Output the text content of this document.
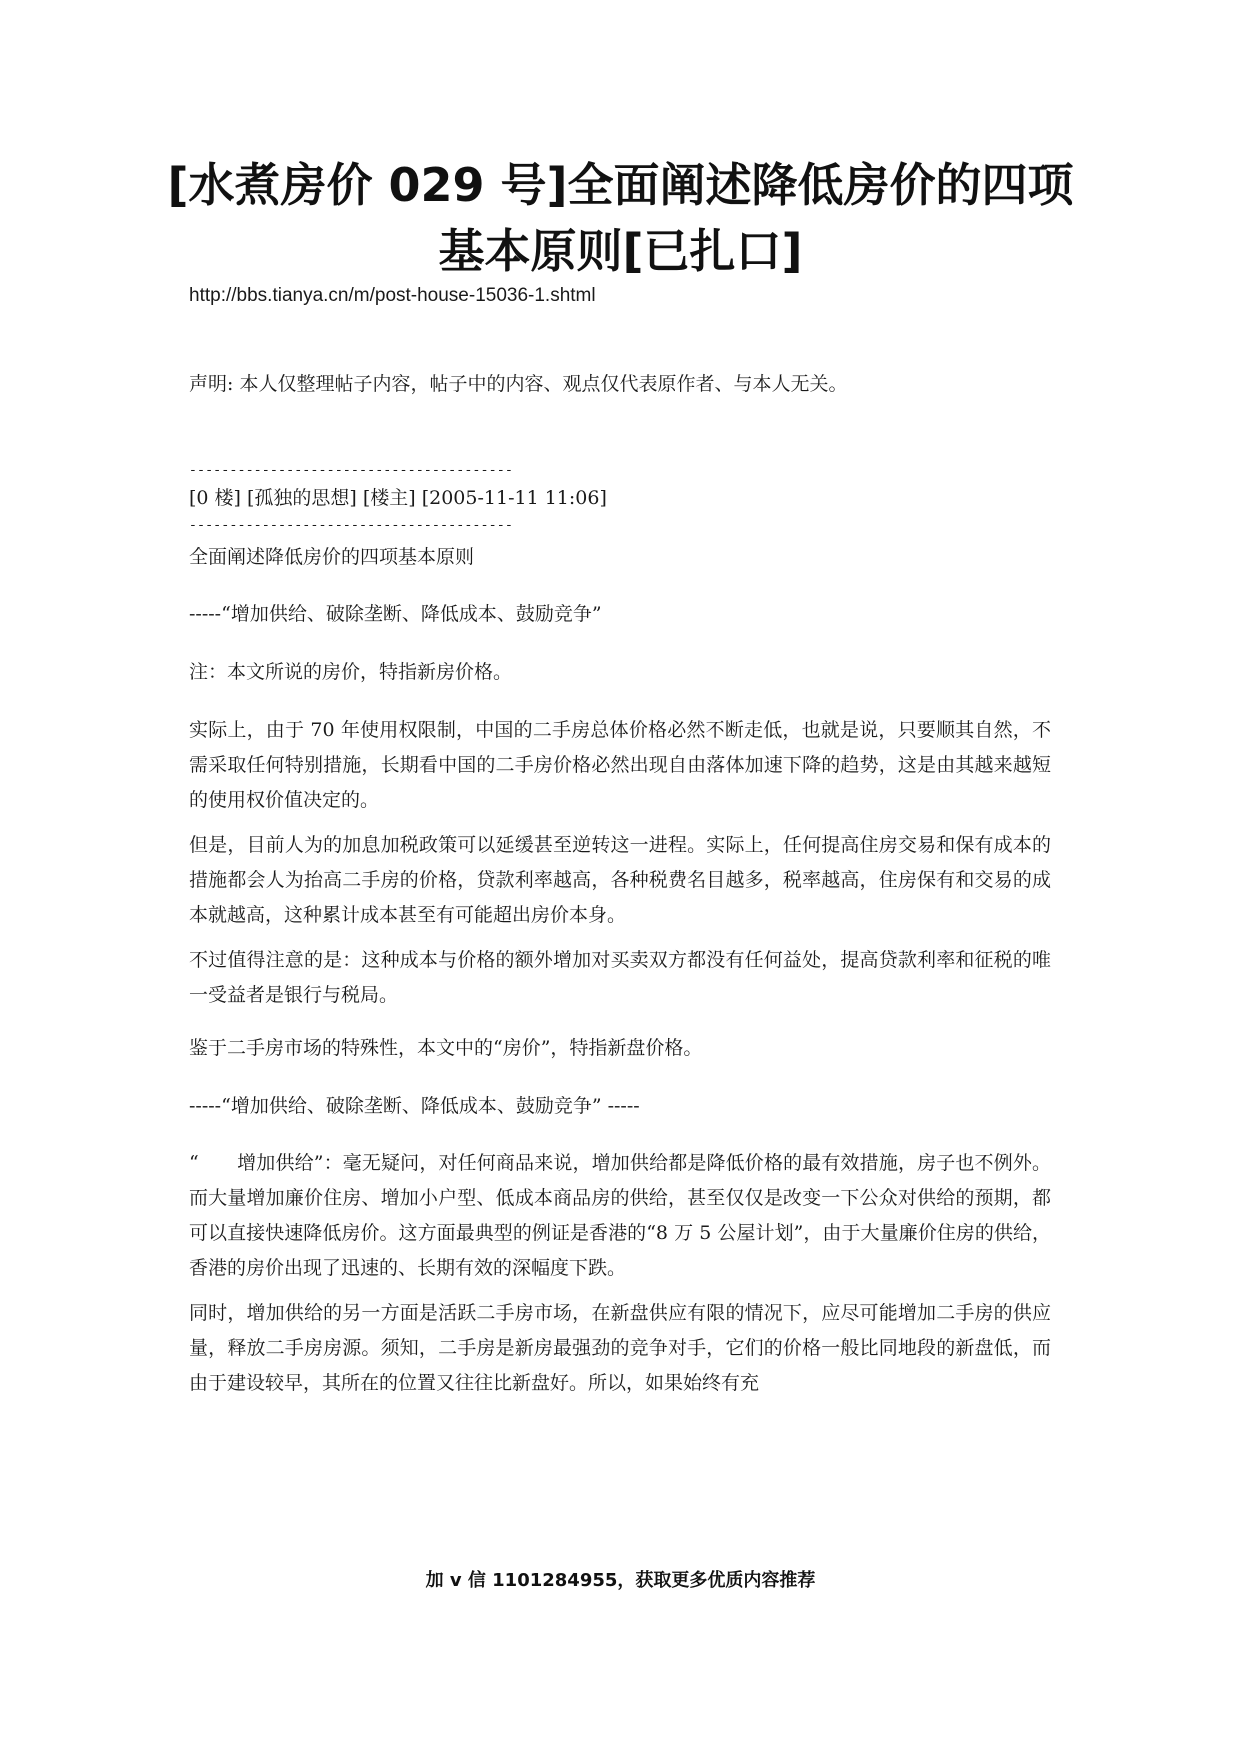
[水煮房价 029 号]全面阐述降低房价的四项基本原则[已扎口]
http://bbs.tianya.cn/m/post-house-15036-1.shtml
声明: 本人仅整理帖子内容，帖子中的内容、观点仅代表原作者、与本人无关。
----------------------------------------
[0 楼] [孤独的思想] [楼主] [2005-11-11 11:06]
----------------------------------------
全面阐述降低房价的四项基本原则
-----“增加供给、破除垄断、降低成本、鼓励竞争”
注：本文所说的房价，特指新房价格。

实际上，由于 70 年使用权限制，中国的二手房总体价格必然不断走低，也就是说，只要顺其自然，不需采取任何特别措施，长期看中国的二手房价格必然出现自由落体加速下降的趋势，这是由其越来越短的使用权价值决定的。

但是，目前人为的加息加税政策可以延缓甚至逆转这一进程。实际上，任何提高住房交易和保有成本的措施都会人为抬高二手房的价格，贷款利率越高，各种税费名目越多，税率越高，住房保有和交易的成本就越高，这种累计成本甚至有可能超出房价本身。

不过值得注意的是：这种成本与价格的额外增加对买卖双方都没有任何益处，提高贷款利率和征税的唯一受益者是银行与税局。

鉴于二手房市场的特殊性，本文中的“房价”，特指新盘价格。
-----“增加供给、破除垄断、降低成本、鼓励竞争” -----

“　　增加供给”：毫无疑问，对任何商品来说，增加供给都是降低价格的最有效措施，房子也不例外。而大量增加廉价住房、增加小户型、低成本商品房的供给，甚至仅仅是改变一下公众对供给的预期，都可以直接快速降低房价。这方面最典型的例证是香港的“8 万 5 公屋计划”，由于大量廉价住房的供给，香港的房价出现了迅速的、长期有效的深幅度下跌。

同时，增加供给的另一方面是活跃二手房市场，在新盘供应有限的情况下，应尽可能增加二手房的供应量，释放二手房房源。须知，二手房是新房最强劲的竞争对手，它们的价格一般比同地段的新盘低，而由于建设较早，其所在的位置又往往比新盘好。所以，如果始终有充

加 v 信 1101284955，获取更多优质内容推荐
